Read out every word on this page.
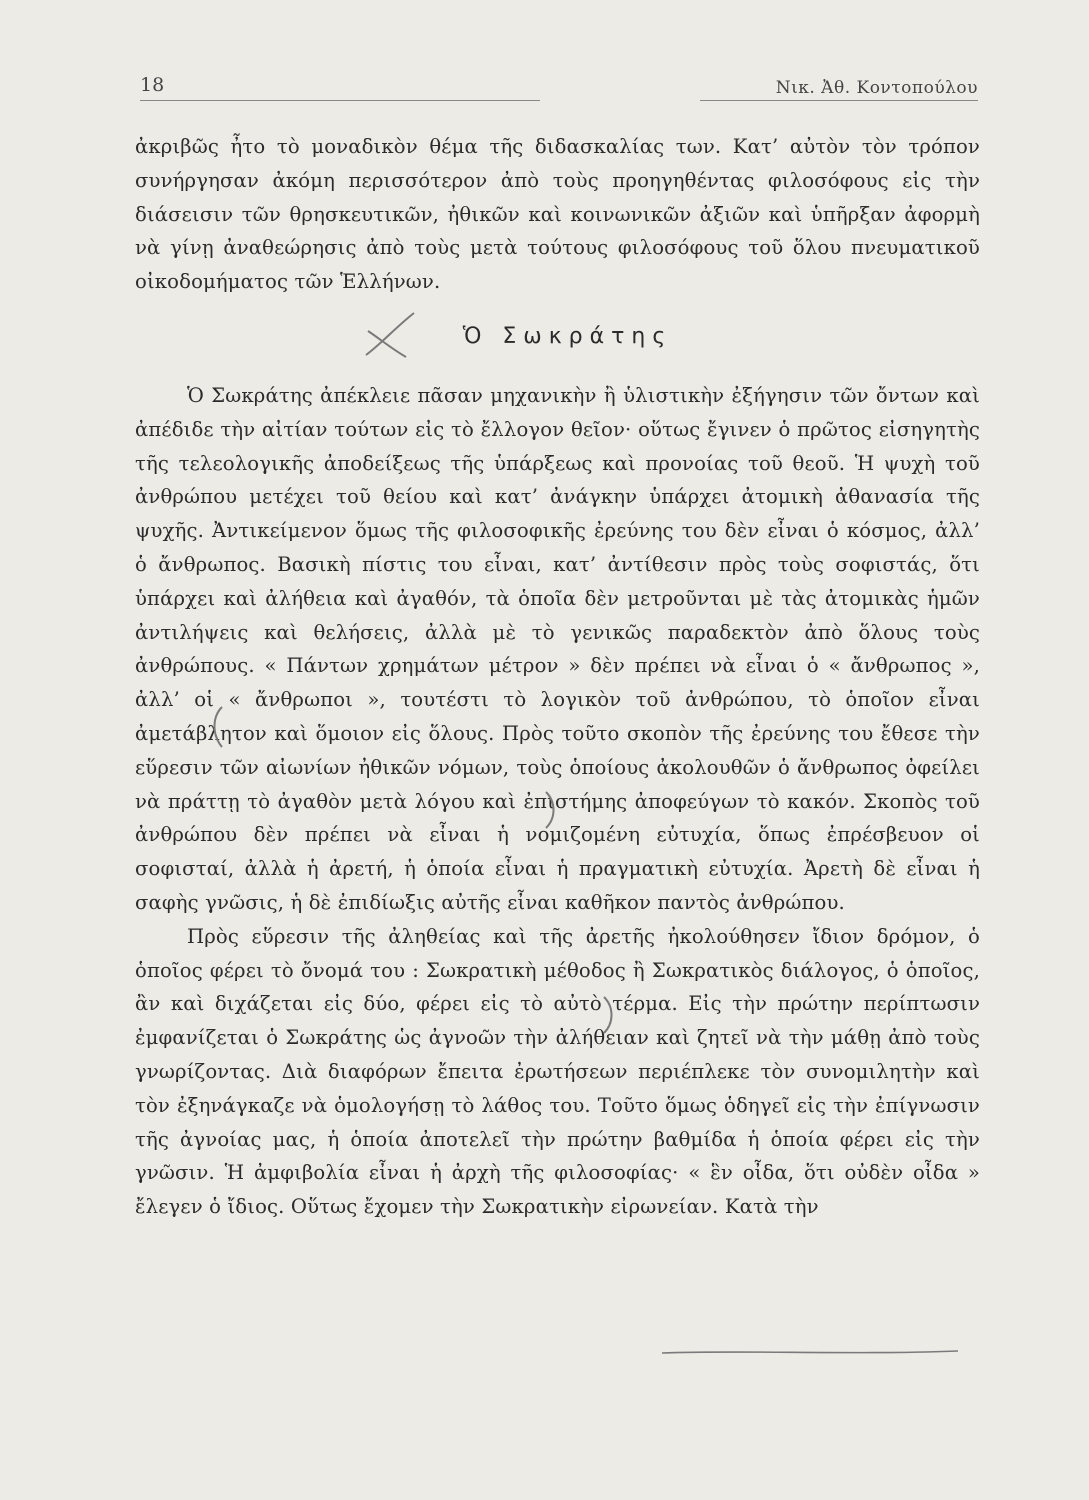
18	Νικ. Ἀθ. Κοντοπούλου

ἀκριβῶς ἦτο τὸ μοναδικὸν θέμα τῆς διδασκαλίας των. Κατ’ αὐτὸν τὸν τρόπον συνήργησαν ἀκόμη περισσότερον ἀπὸ τοὺς προηγηθέντας φιλοσόφους εἰς τὴν διάσεισιν τῶν θρησκευτικῶν, ἠθικῶν καὶ κοινωνικῶν ἀξιῶν καὶ ὑπῆρξαν ἀφορμὴ νὰ γίνῃ ἀναθεώρησις ἀπὸ τοὺς μετὰ τούτους φιλοσόφους τοῦ ὅλου πνευματικοῦ οἰκοδομήματος τῶν Ἑλλήνων.

Ὁ Σωκράτης

Ὁ Σωκράτης ἀπέκλειε πᾶσαν μηχανικὴν ἢ ὑλιστικὴν ἐξήγησιν τῶν ὄντων καὶ ἀπέδιδε τὴν αἰτίαν τούτων εἰς τὸ ἔλλογον θεῖον· οὕτως ἔγινεν ὁ πρῶτος εἰσηγητὴς τῆς τελεολογικῆς ἀποδείξεως τῆς ὑπάρξεως καὶ προνοίας τοῦ θεοῦ. Ἡ ψυχὴ τοῦ ἀνθρώπου μετέχει τοῦ θείου καὶ κατ’ ἀνάγκην ὑπάρχει ἀτομικὴ ἀθανασία τῆς ψυχῆς. Ἀντικείμενον ὅμως τῆς φιλοσοφικῆς ἐρεύνης του δὲν εἶναι ὁ κόσμος, ἀλλ’ ὁ ἄνθρωπος. Βασικὴ πίστις του εἶναι, κατ’ ἀντίθεσιν πρὸς τοὺς σοφιστάς, ὅτι ὑπάρχει καὶ ἀλήθεια καὶ ἀγαθόν, τὰ ὁποῖα δὲν μετροῦνται μὲ τὰς ἀτομικὰς ἡμῶν ἀντιλήψεις καὶ θελήσεις, ἀλλὰ μὲ τὸ γενικῶς παραδεκτὸν ἀπὸ ὅλους τοὺς ἀνθρώπους. « Πάντων χρημάτων μέτρον » δὲν πρέπει νὰ εἶναι ὁ « ἄνθρωπος », ἀλλ’ οἱ « ἄνθρωποι », τουτέστι τὸ λογικὸν τοῦ ἀνθρώπου, τὸ ὁποῖον εἶναι ἀμετάβλητον καὶ ὅμοιον εἰς ὅλους. Πρὸς τοῦτο σκοπὸν τῆς ἐρεύνης του ἔθεσε τὴν εὕρεσιν τῶν αἰωνίων ἠθικῶν νόμων, τοὺς ὁποίους ἀκολουθῶν ὁ ἄνθρωπος ὀφείλει νὰ πράττῃ τὸ ἀγαθὸν μετὰ λόγου καὶ ἐπιστήμης ἀποφεύγων τὸ κακόν. Σκοπὸς τοῦ ἀνθρώπου δὲν πρέπει νὰ εἶναι ἡ νομιζομένη εὐτυχία, ὅπως ἐπρέσβευον οἱ σοφισταί, ἀλλὰ ἡ ἀρετή, ἡ ὁποία εἶναι ἡ πραγματικὴ εὐτυχία. Ἀρετὴ δὲ εἶναι ἡ σαφὴς γνῶσις, ἡ δὲ ἐπιδίωξις αὐτῆς εἶναι καθῆκον παντὸς ἀνθρώπου.

Πρὸς εὕρεσιν τῆς ἀληθείας καὶ τῆς ἀρετῆς ἠκολούθησεν ἴδιον δρόμον, ὁ ὁποῖος φέρει τὸ ὄνομά του : Σωκρατικὴ μέθοδος ἢ Σωκρατικὸς διάλογος, ὁ ὁποῖος, ἂν καὶ διχάζεται εἰς δύο, φέρει εἰς τὸ αὐτὸ τέρμα. Εἰς τὴν πρώτην περίπτωσιν ἐμφανίζεται ὁ Σωκράτης ὡς ἀγνοῶν τὴν ἀλήθειαν καὶ ζητεῖ νὰ τὴν μάθῃ ἀπὸ τοὺς γνωρίζοντας. Διὰ διαφόρων ἔπειτα ἐρωτήσεων περιέπλεκε τὸν συνομιλητὴν καὶ τὸν ἐξηνάγκαζε νὰ ὁμολογήσῃ τὸ λάθος του. Τοῦτο ὅμως ὁδηγεῖ εἰς τὴν ἐπίγνωσιν τῆς ἀγνοίας μας, ἡ ὁποία ἀποτελεῖ τὴν πρώτην βαθμίδα ἡ ὁποία φέρει εἰς τὴν γνῶσιν. Ἡ ἀμφιβολία εἶναι ἡ ἀρχὴ τῆς φιλοσοφίας· « ἓν οἶδα, ὅτι οὐδὲν οἶδα » ἔλεγεν ὁ ἴδιος. Οὕτως ἔχομεν τὴν Σωκρατικὴν εἰρωνείαν. Κατὰ τὴν
